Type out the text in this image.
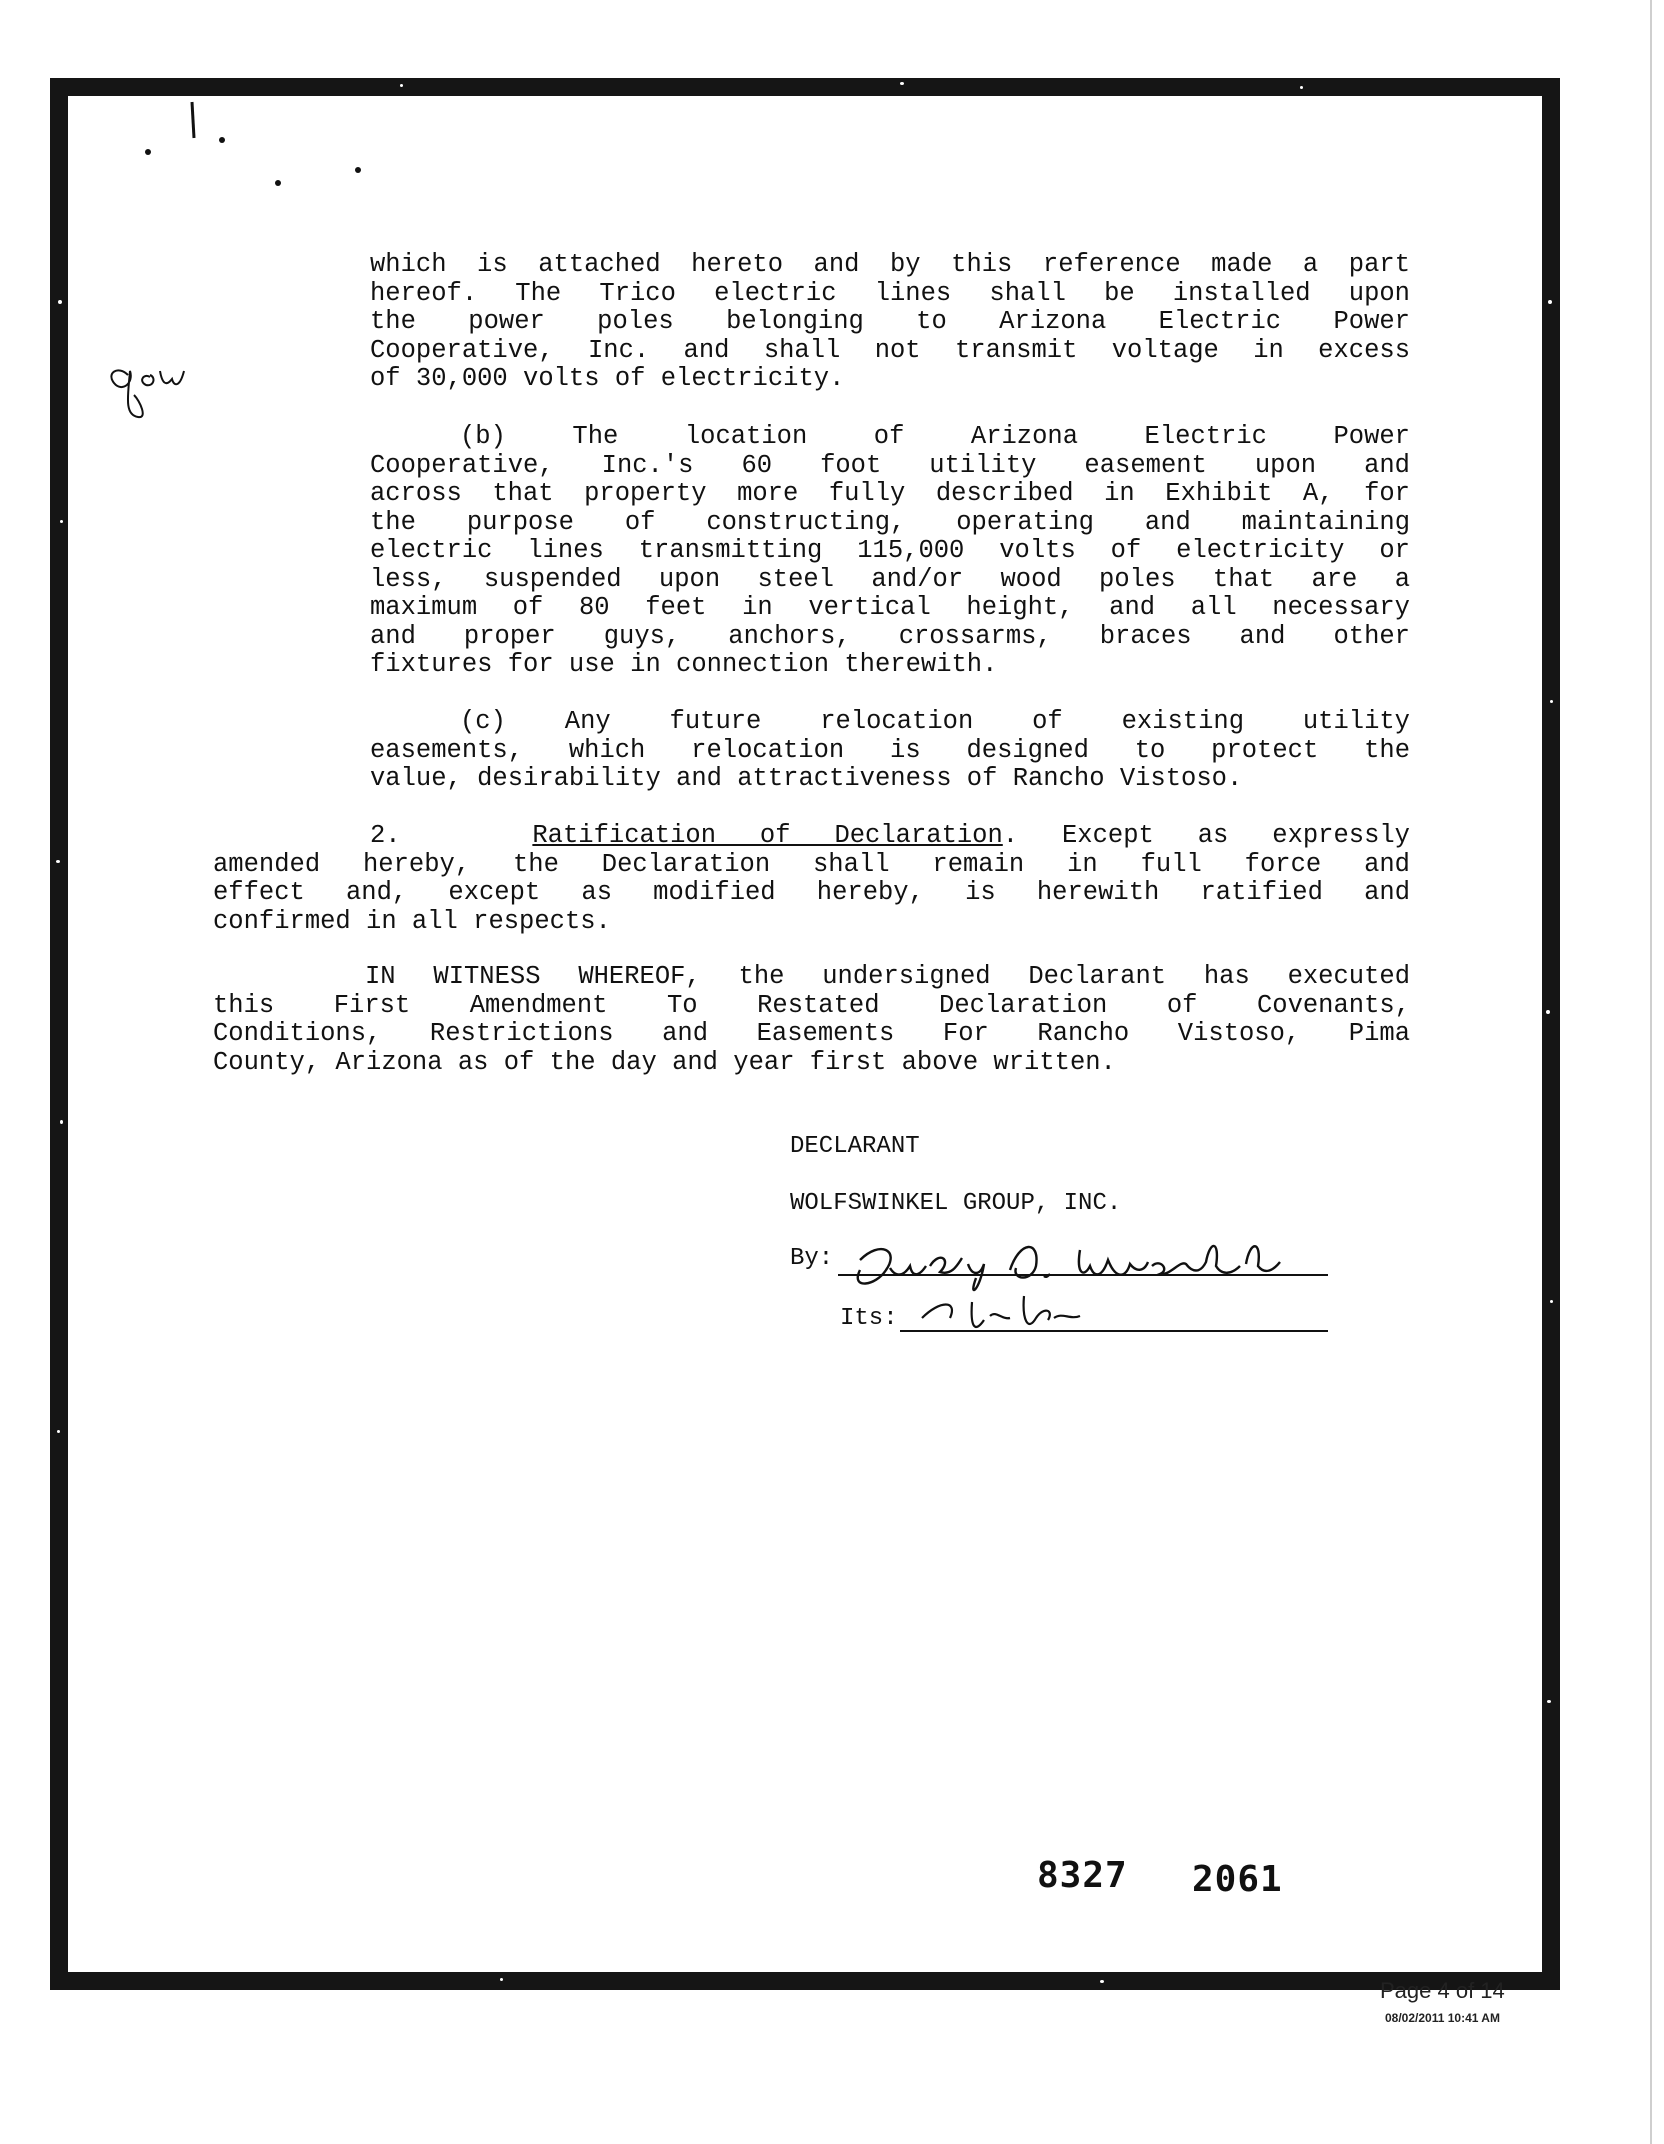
which is attached hereto and by this reference made a part
hereof. The Trico electric lines shall be installed upon
the power poles belonging to Arizona Electric Power
Cooperative, Inc. and shall not transmit voltage in excess
of 30,000 volts of electricity.
(b) The location of Arizona Electric Power
Cooperative, Inc.'s 60 foot utility easement upon and
across that property more fully described in Exhibit A, for
the purpose of constructing, operating and maintaining
electric lines transmitting 115,000 volts of electricity or
less, suspended upon steel and/or wood poles that are a
maximum of 80 feet in vertical height, and all necessary
and proper guys, anchors, crossarms, braces and other
fixtures for use in connection therewith.
(c) Any future relocation of existing utility
easements, which relocation is designed to protect the
value, desirability and attractiveness of Rancho Vistoso.
2.	Ratification of Declaration. Except as expressly
amended hereby, the Declaration shall remain in full force and
effect and, except as modified hereby, is herewith ratified and
confirmed in all respects.
IN WITNESS WHEREOF, the undersigned Declarant has executed
this First Amendment To Restated Declaration of Covenants,
Conditions, Restrictions and Easements For Rancho Vistoso, Pima
County, Arizona as of the day and year first above written.
DECLARANT
WOLFSWINKEL GROUP, INC.
By:
Its:
8327 2061
Page 4 of 14
08/02/2011 10:41 AM
